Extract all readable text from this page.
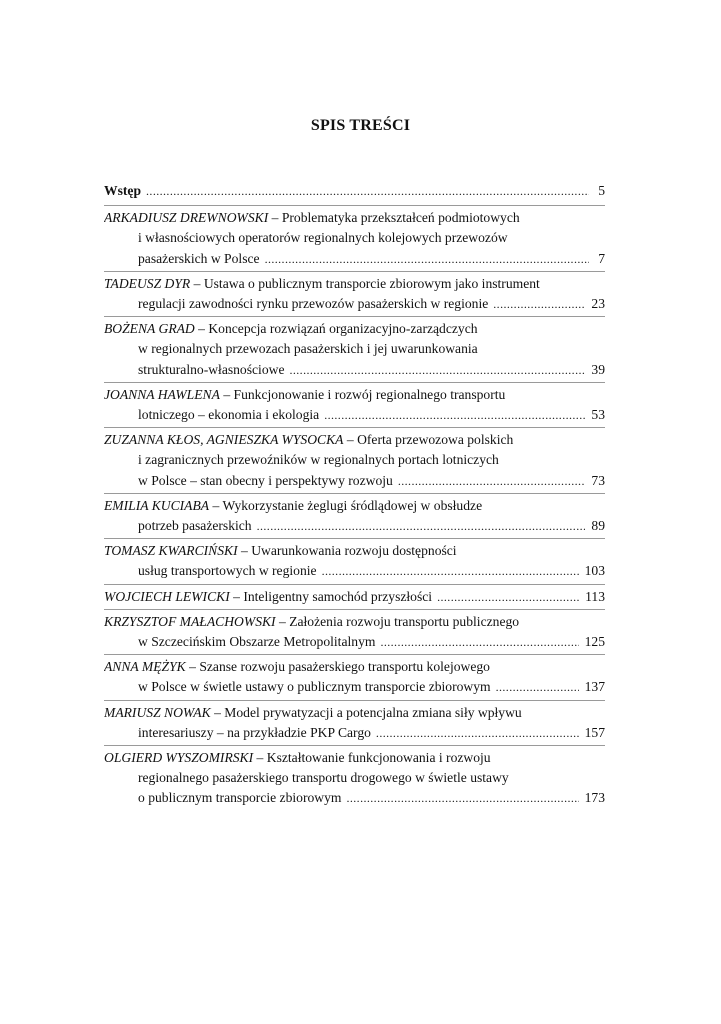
SPIS TREŚCI
Wstęp .....	5
ARKADIUSZ DREWNOWSKI – Problematyka przekształceń podmiotowych
i własnościowych operatorów regionalnych kolejowych przewozów
pasażerskich w Polsce .....	7
TADEUSZ DYR – Ustawa o publicznym transporcie zbiorowym jako instrument
regulacji zawodności rynku przewozów pasażerskich w regionie .....	23
BOŻENA GRAD – Koncepcja rozwiązań organizacyjno-zarządczych
w regionalnych przewozach pasażerskich i jej uwarunkowania
strukturalno-własnościowe .....	39
JOANNA HAWLENA – Funkcjonowanie i rozwój regionalnego transportu
lotniczego – ekonomia i ekologia .....	53
ZUZANNA KŁOS, AGNIESZKA WYSOCKA – Oferta przewozowa polskich
i zagranicznych przewoźników w regionalnych portach lotniczych
w Polsce – stan obecny i perspektywy rozwoju .....	73
EMILIA KUCIABA – Wykorzystanie żeglugi śródlądowej w obsłudze
potrzeb pasażerskich .....	89
TOMASZ KWARCIŃSKI – Uwarunkowania rozwoju dostępności
usług transportowych w regionie .....	103
WOJCIECH LEWICKI – Inteligentny samochód przyszłości .....	113
KRZYSZTOF MAŁACHOWSKI – Założenia rozwoju transportu publicznego
w Szczecińskim Obszarze Metropolitalnym .....	125
ANNA MĘŻYK – Szanse rozwoju pasażerskiego transportu kolejowego
w Polsce w świetle ustawy o publicznym transporcie zbiorowym .....	137
MARIUSZ NOWAK – Model prywatyzacji a potencjalna zmiana siły wpływu
interesariuszy – na przykładzie PKP Cargo .....	157
OLGIERD WYSZOMIRSKI – Kształtowanie funkcjonowania i rozwoju
regionalnego pasażerskiego transportu drogowego w świetle ustawy
o publicznym transporcie zbiorowym .....	173
